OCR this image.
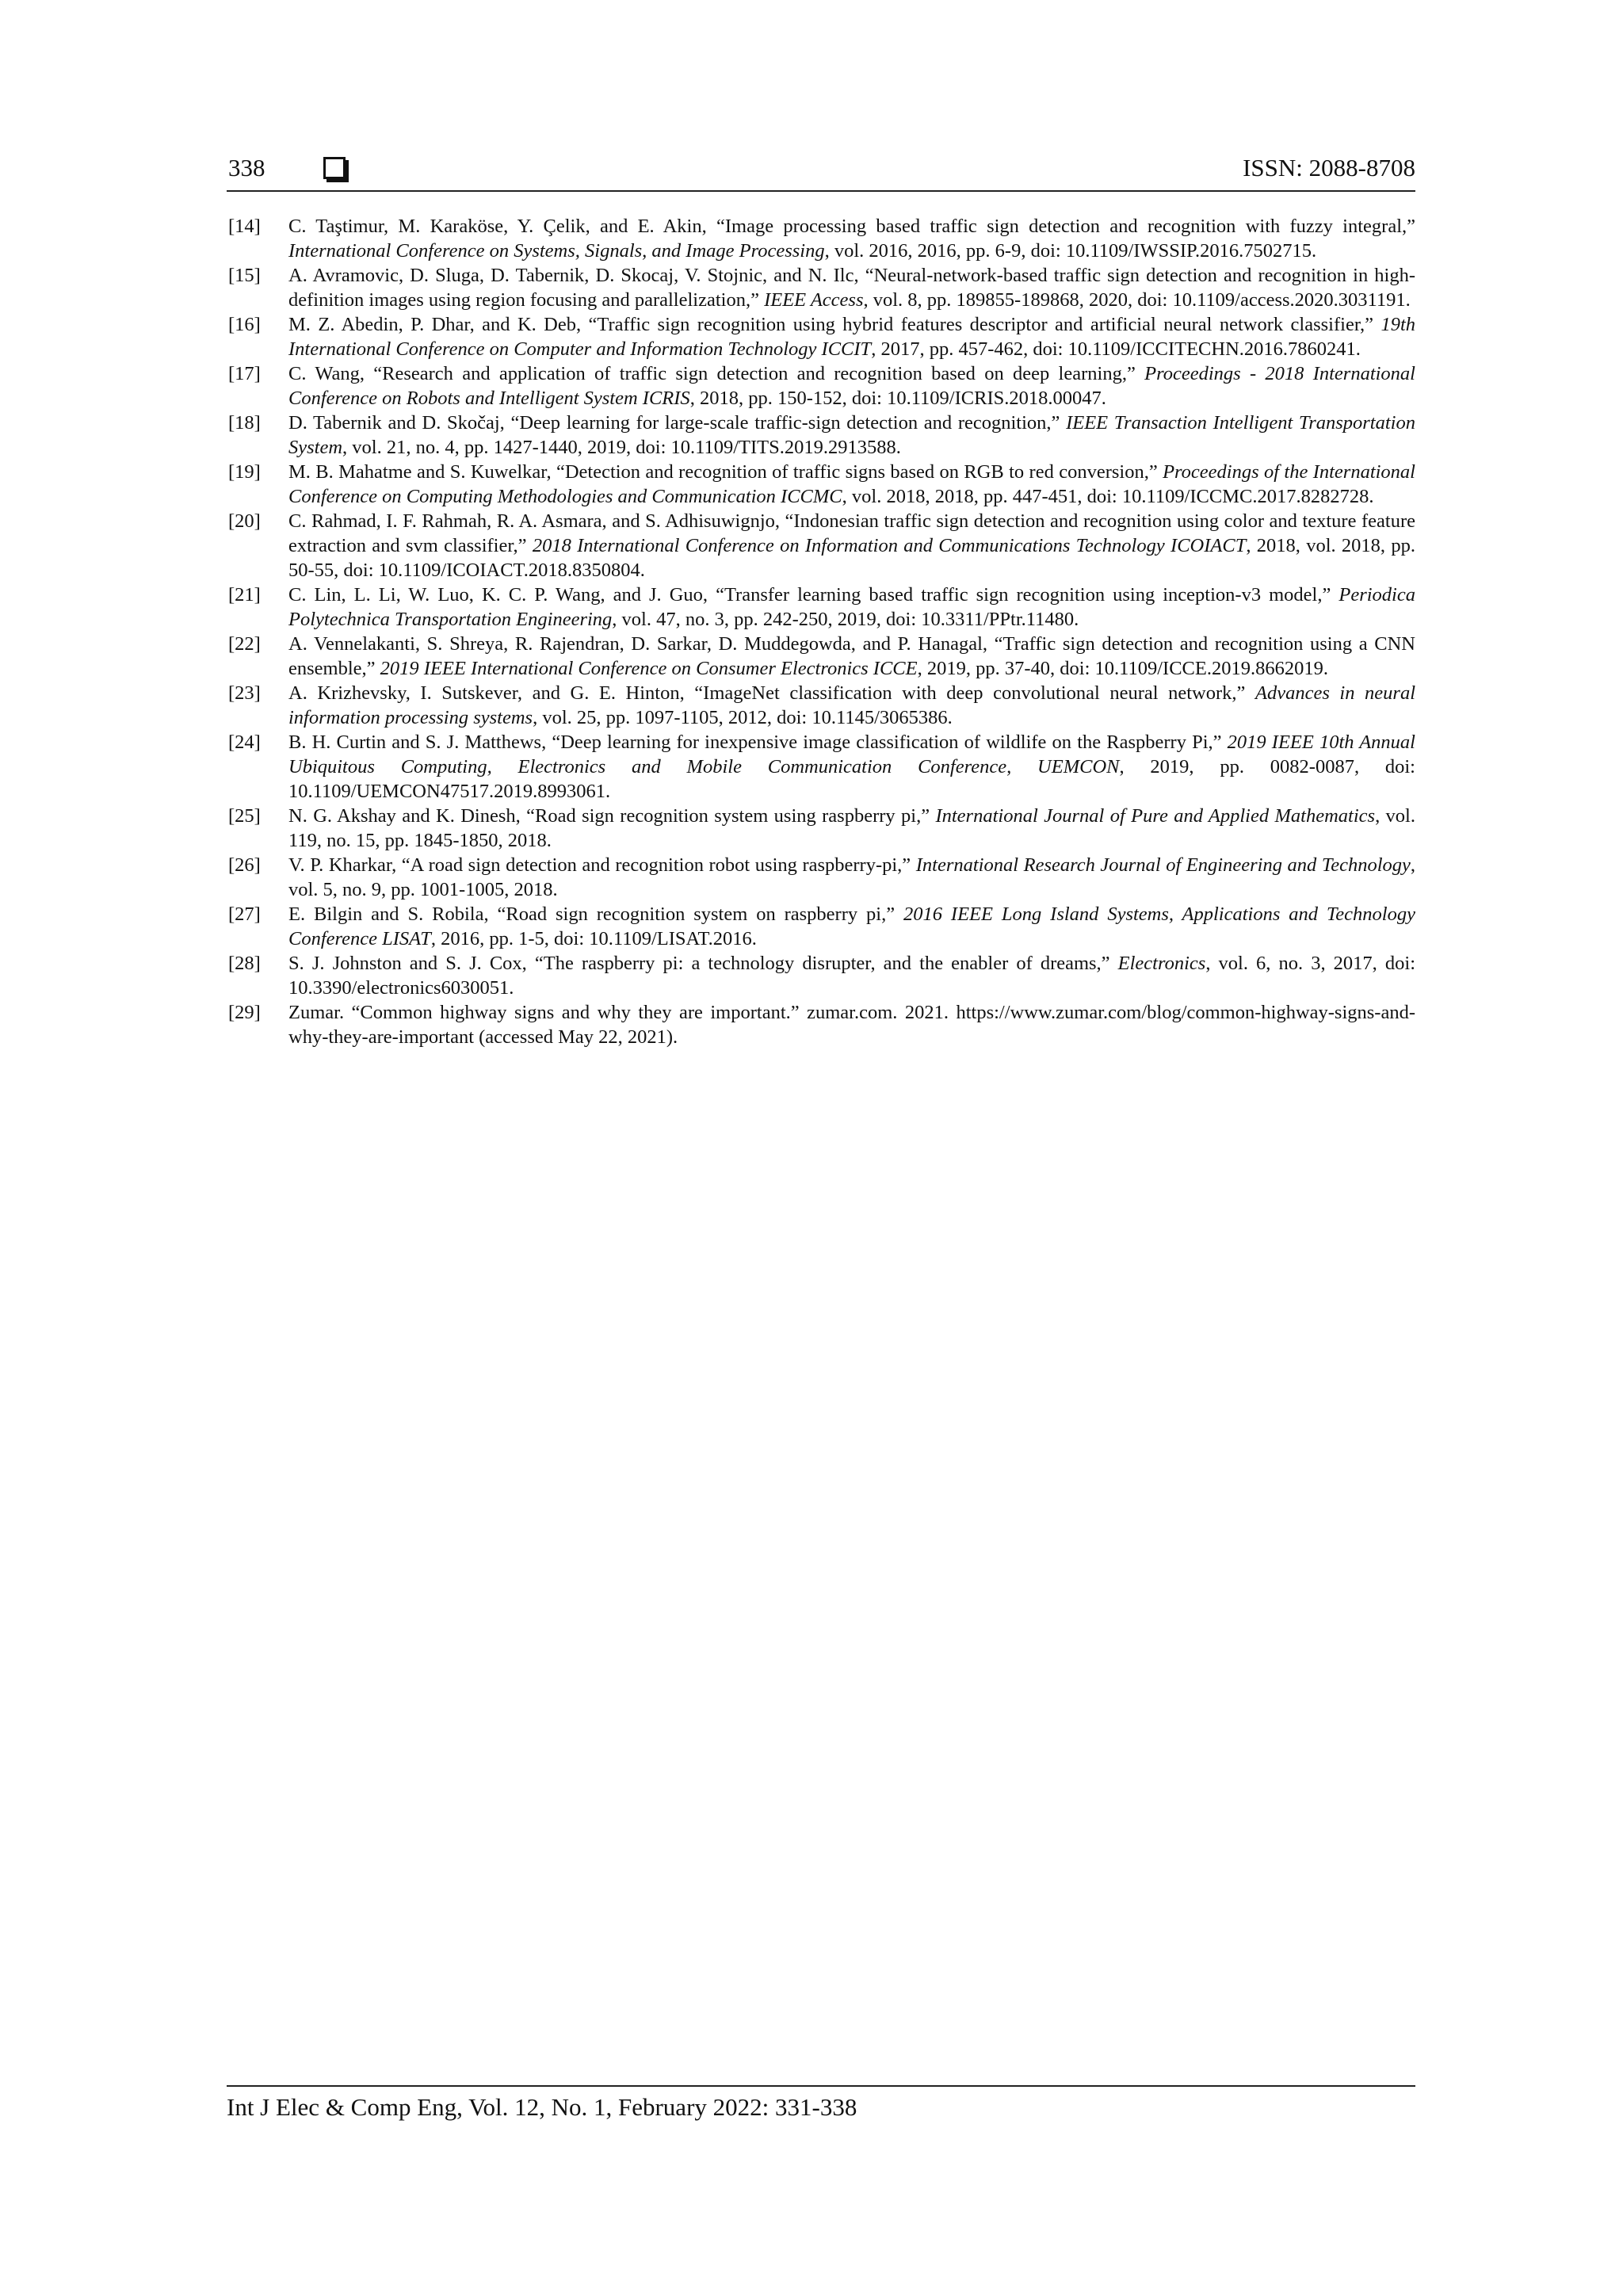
338	ISSN: 2088-8708
[14] C. Taştimur, M. Karaköse, Y. Çelik, and E. Akin, “Image processing based traffic sign detection and recognition with fuzzy integral,” International Conference on Systems, Signals, and Image Processing, vol. 2016, 2016, pp. 6-9, doi: 10.1109/IWSSIP.2016.7502715.
[15] A. Avramovic, D. Sluga, D. Tabernik, D. Skocaj, V. Stojnic, and N. Ilc, “Neural-network-based traffic sign detection and recognition in high-definition images using region focusing and parallelization,” IEEE Access, vol. 8, pp. 189855-189868, 2020, doi: 10.1109/access.2020.3031191.
[16] M. Z. Abedin, P. Dhar, and K. Deb, “Traffic sign recognition using hybrid features descriptor and artificial neural network classifier,” 19th International Conference on Computer and Information Technology ICCIT, 2017, pp. 457-462, doi: 10.1109/ICCITECHN.2016.7860241.
[17] C. Wang, “Research and application of traffic sign detection and recognition based on deep learning,” Proceedings - 2018 International Conference on Robots and Intelligent System ICRIS, 2018, pp. 150-152, doi: 10.1109/ICRIS.2018.00047.
[18] D. Tabernik and D. Skočaj, “Deep learning for large-scale traffic-sign detection and recognition,” IEEE Transaction Intelligent Transportation System, vol. 21, no. 4, pp. 1427-1440, 2019, doi: 10.1109/TITS.2019.2913588.
[19] M. B. Mahatme and S. Kuwelkar, “Detection and recognition of traffic signs based on RGB to red conversion,” Proceedings of the International Conference on Computing Methodologies and Communication ICCMC, vol. 2018, 2018, pp. 447-451, doi: 10.1109/ICCMC.2017.8282728.
[20] C. Rahmad, I. F. Rahmah, R. A. Asmara, and S. Adhisuwignjo, “Indonesian traffic sign detection and recognition using color and texture feature extraction and svm classifier,” 2018 International Conference on Information and Communications Technology ICOIACT, 2018, vol. 2018, pp. 50-55, doi: 10.1109/ICOIACT.2018.8350804.
[21] C. Lin, L. Li, W. Luo, K. C. P. Wang, and J. Guo, “Transfer learning based traffic sign recognition using inception-v3 model,” Periodica Polytechnica Transportation Engineering, vol. 47, no. 3, pp. 242-250, 2019, doi: 10.3311/PPtr.11480.
[22] A. Vennelakanti, S. Shreya, R. Rajendran, D. Sarkar, D. Muddegowda, and P. Hanagal, “Traffic sign detection and recognition using a CNN ensemble,” 2019 IEEE International Conference on Consumer Electronics ICCE, 2019, pp. 37-40, doi: 10.1109/ICCE.2019.8662019.
[23] A. Krizhevsky, I. Sutskever, and G. E. Hinton, “ImageNet classification with deep convolutional neural network,” Advances in neural information processing systems, vol. 25, pp. 1097-1105, 2012, doi: 10.1145/3065386.
[24] B. H. Curtin and S. J. Matthews, “Deep learning for inexpensive image classification of wildlife on the Raspberry Pi,” 2019 IEEE 10th Annual Ubiquitous Computing, Electronics and Mobile Communication Conference, UEMCON, 2019, pp. 0082-0087, doi: 10.1109/UEMCON47517.2019.8993061.
[25] N. G. Akshay and K. Dinesh, “Road sign recognition system using raspberry pi,” International Journal of Pure and Applied Mathematics, vol. 119, no. 15, pp. 1845-1850, 2018.
[26] V. P. Kharkar, “A road sign detection and recognition robot using raspberry-pi,” International Research Journal of Engineering and Technology, vol. 5, no. 9, pp. 1001-1005, 2018.
[27] E. Bilgin and S. Robila, “Road sign recognition system on raspberry pi,” 2016 IEEE Long Island Systems, Applications and Technology Conference LISAT, 2016, pp. 1-5, doi: 10.1109/LISAT.2016.
[28] S. J. Johnston and S. J. Cox, “The raspberry pi: a technology disrupter, and the enabler of dreams,” Electronics, vol. 6, no. 3, 2017, doi: 10.3390/electronics6030051.
[29] Zumar. “Common highway signs and why they are important.” zumar.com. 2021. https://www.zumar.com/blog/common-highway-signs-and-why-they-are-important (accessed May 22, 2021).
Int J Elec & Comp Eng, Vol. 12, No. 1, February 2022: 331-338
